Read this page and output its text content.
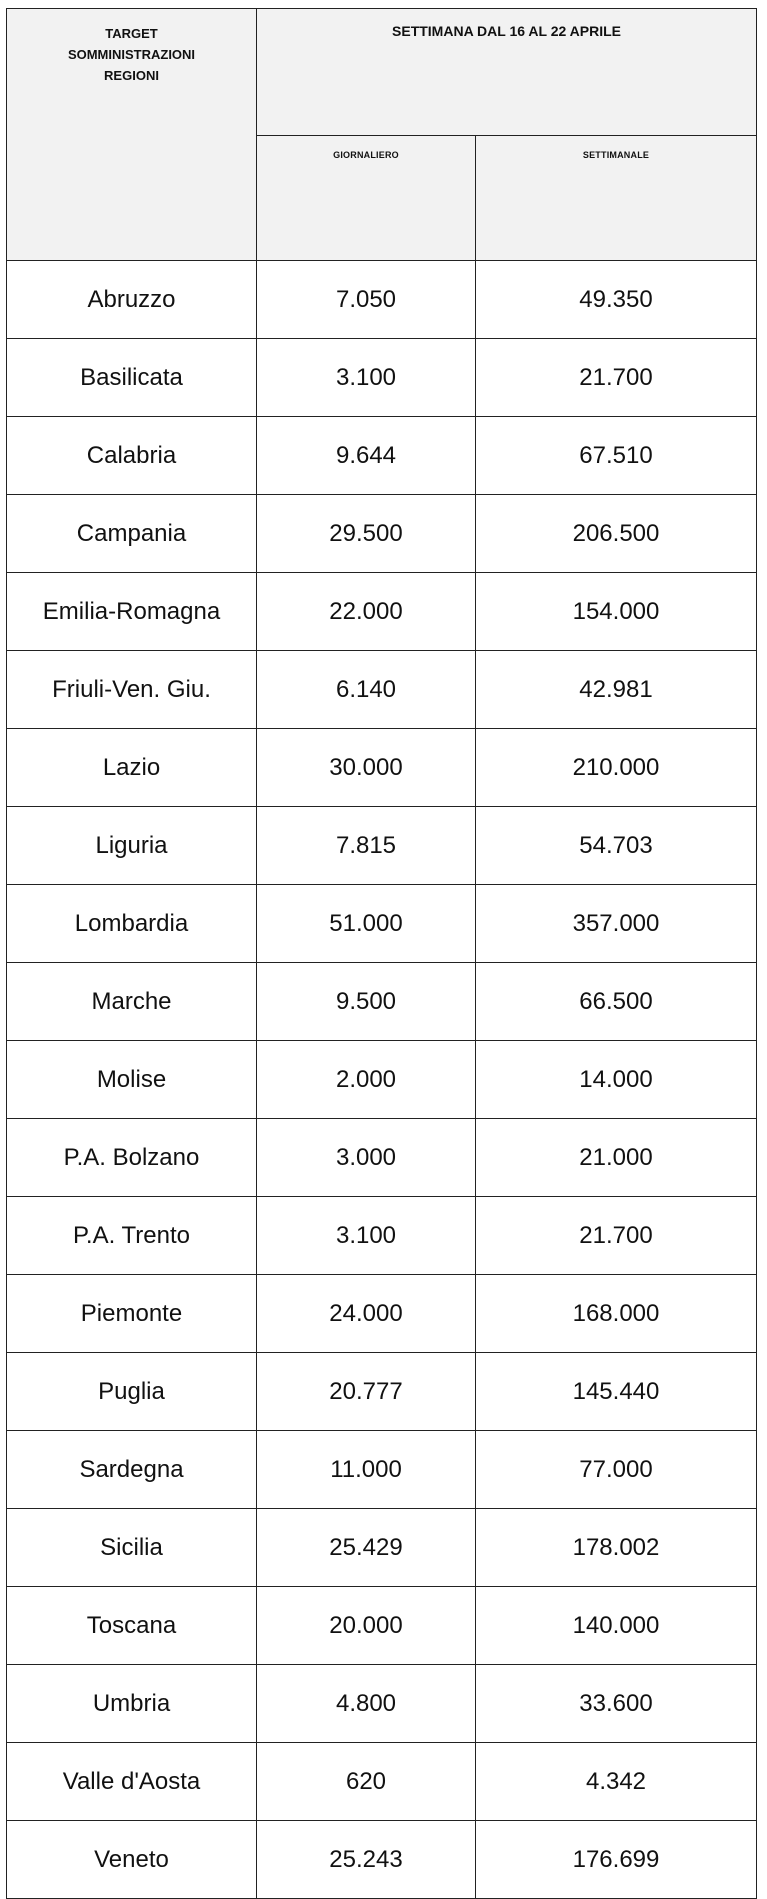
TARGET
SOMMINISTRAZIONI
REGIONI	SETTIMANA DAL 16 AL 22 APRILE	
	GIORNALIERO	SETTIMANALE
Abruzzo	7.050	49.350
Basilicata	3.100	21.700
Calabria	9.644	67.510
Campania	29.500	206.500
Emilia-Romagna	22.000	154.000
Friuli-Ven. Giu.	6.140	42.981
Lazio	30.000	210.000
Liguria	7.815	54.703
Lombardia	51.000	357.000
Marche	9.500	66.500
Molise	2.000	14.000
P.A. Bolzano	3.000	21.000
P.A. Trento	3.100	21.700
Piemonte	24.000	168.000
Puglia	20.777	145.440
Sardegna	11.000	77.000
Sicilia	25.429	178.002
Toscana	20.000	140.000
Umbria	4.800	33.600
Valle d'Aosta	620	4.342
Veneto	25.243	176.699
